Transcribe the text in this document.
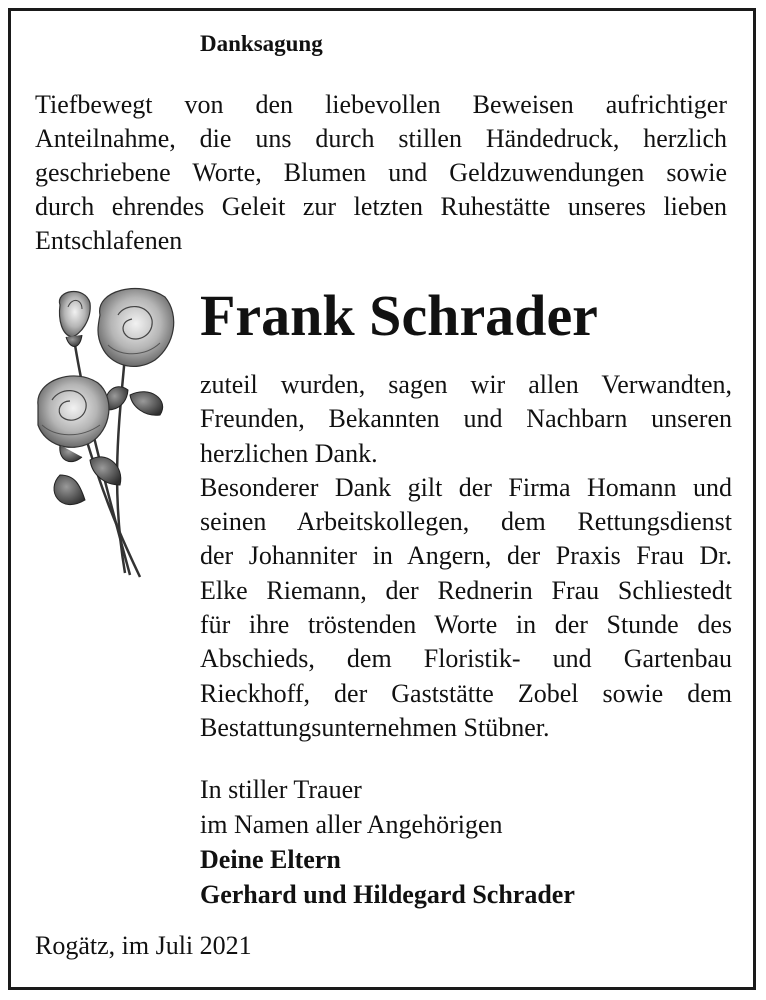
Danksagung
Tiefbewegt von den liebevollen Beweisen aufrichtiger
Anteilnahme, die uns durch stillen Händedruck, herzlich
geschriebene Worte, Blumen und Geldzuwendungen sowie
durch ehrendes Geleit zur letzten Ruhestätte unseres lieben
Entschlafenen
Frank Schrader
zuteil wurden, sagen wir allen Verwandten,
Freunden, Bekannten und Nachbarn unseren
herzlichen Dank.
Besonderer Dank gilt der Firma Homann und
seinen Arbeitskollegen, dem Rettungsdienst
der Johanniter in Angern, der Praxis Frau Dr.
Elke Riemann, der Rednerin Frau Schliestedt
für ihre tröstenden Worte in der Stunde des
Abschieds, dem Floristik- und Gartenbau
Rieckhoff, der Gaststätte Zobel sowie dem
Bestattungsunternehmen Stübner.
In stiller Trauer
im Namen aller Angehörigen
Deine Eltern
Gerhard und Hildegard Schrader
Rogätz, im Juli 2021
